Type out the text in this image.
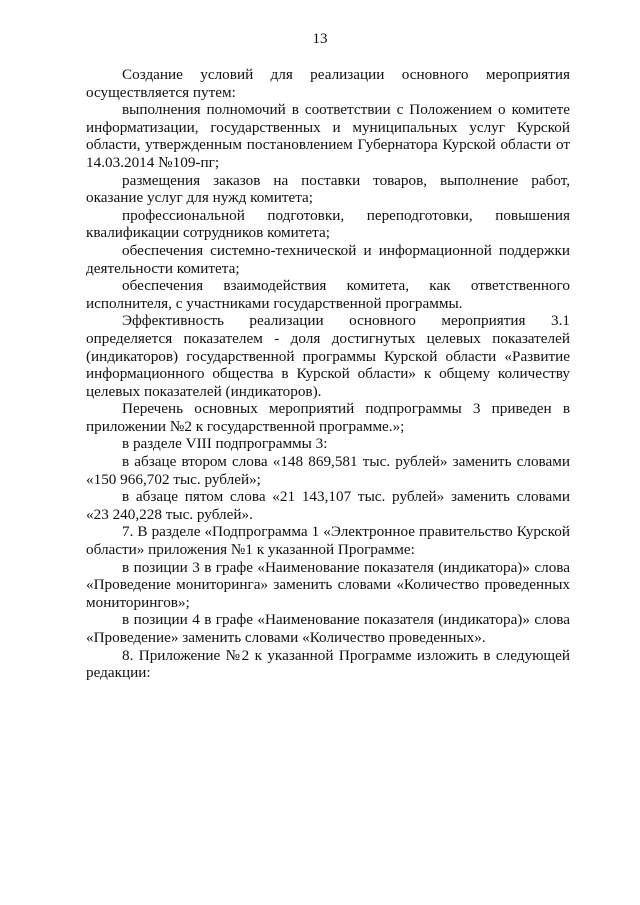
13

Создание условий для реализации основного мероприятия осуществляется путем:

выполнения полномочий в соответствии с Положением о комитете информатизации, государственных и муниципальных услуг Курской области, утвержденным постановлением Губернатора Курской области от 14.03.2014 №109-пг;

размещения заказов на поставки товаров, выполнение работ, оказание услуг для нужд комитета;

профессиональной подготовки, переподготовки, повышения квалификации сотрудников комитета;

обеспечения системно-технической и информационной поддержки деятельности комитета;

обеспечения взаимодействия комитета, как ответственного исполнителя, с участниками государственной программы.

Эффективность реализации основного мероприятия 3.1 определяется показателем - доля достигнутых целевых показателей (индикаторов) государственной программы Курской области «Развитие информационного общества в Курской области» к общему количеству целевых показателей (индикаторов).

Перечень основных мероприятий подпрограммы 3 приведен в приложении №2 к государственной программе.»;

в разделе VIII подпрограммы 3:

в абзаце втором слова «148 869,581 тыс. рублей» заменить словами «150 966,702 тыс. рублей»;

в абзаце пятом слова «21 143,107 тыс. рублей» заменить словами «23 240,228 тыс. рублей».

7. В разделе «Подпрограмма 1 «Электронное правительство Курской области» приложения №1 к указанной Программе:

в позиции 3 в графе «Наименование показателя (индикатора)» слова «Проведение мониторинга» заменить словами «Количество проведенных мониторингов»;

в позиции 4 в графе «Наименование показателя (индикатора)» слова «Проведение» заменить словами «Количество проведенных».

8. Приложение №2 к указанной Программе изложить в следующей редакции:
